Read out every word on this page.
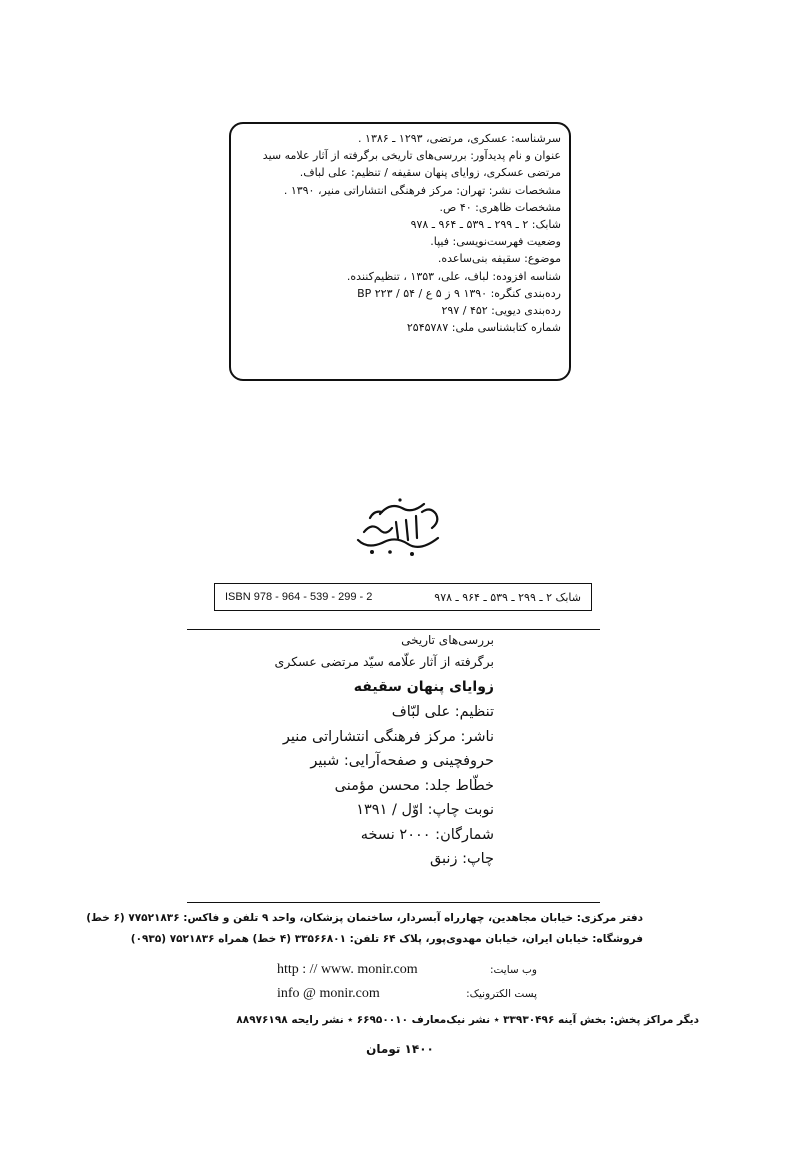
سرشناسه: عسکری، مرتضی، ۱۲۹۳ ـ ۱۳۸۶ .
عنوان و نام پدیدآور: بررسی‌های تاریخی برگرفته از آثار علامه سید
مرتضی عسکری، زوایای پنهان سقیفه / تنظیم: علی لباف.
مشخصات نشر: تهران: مرکز فرهنگی انتشاراتی منیر، ۱۳۹۰ .
مشخصات ظاهری: ۴۰ ص.
شابک: ۲ ـ ۲۹۹ ـ ۵۳۹ ـ ۹۶۴ ـ ۹۷۸
وضعیت فهرست‌نویسی: فیپا.
موضوع: سقیفه بنی‌ساعده.
شناسه افزوده: لباف، علی، ۱۳۵۳ ، تنظیم‌کننده.
رده‌بندی کنگره: ۱۳۹۰ ۹ ز ۵ ع / ۵۴ / ۲۲۳ BP
رده‌بندی دیویی: ۴۵۲ / ۲۹۷
شماره کتابشناسی ملی: ۲۵۴۵۷۸۷
ISBN 978 - 964 - 539 - 299 - 2	شابک ۲ ـ ۲۹۹ ـ ۵۳۹ ـ ۹۶۴ ـ ۹۷۸
بررسی‌های تاریخی
برگرفته از آثار علّامه سیّد مرتضی عسکری
زوایای پنهان سقیفه
تنظیم: علی لبّاف
ناشر: مرکز فرهنگی انتشاراتی منیر
حروفچینی و صفحه‌آرایی: شبیر
خطّاط جلد: محسن مؤمنی
نوبت چاپ: اوّل / ۱۳۹۱
شمارگان: ۲۰۰۰ نسخه
چاپ: زنبق
دفتر مرکزی: خیابان مجاهدین، چهارراه آبسردار، ساختمان پزشکان، واحد ۹ تلفن و فاکس: ۷۷۵۲۱۸۳۶ (۶ خط)
فروشگاه: خیابان ایران، خیابان مهدوی‌پور، پلاک ۶۴ تلفن: ۳۳۵۶۶۸۰۱ (۴ خط) همراه ۷۵۲۱۸۳۶ (۰۹۳۵)
وب سایت:
http : // www. monir.com
پست الکترونیک:
info @ monir.com
دیگر مراکز پخش: بخش آینه ۳۳۹۳۰۴۹۶ ٭ نشر نیک‌معارف ۶۶۹۵۰۰۱۰ ٭ نشر رایحه ۸۸۹۷۶۱۹۸
۱۴۰۰ تومان
